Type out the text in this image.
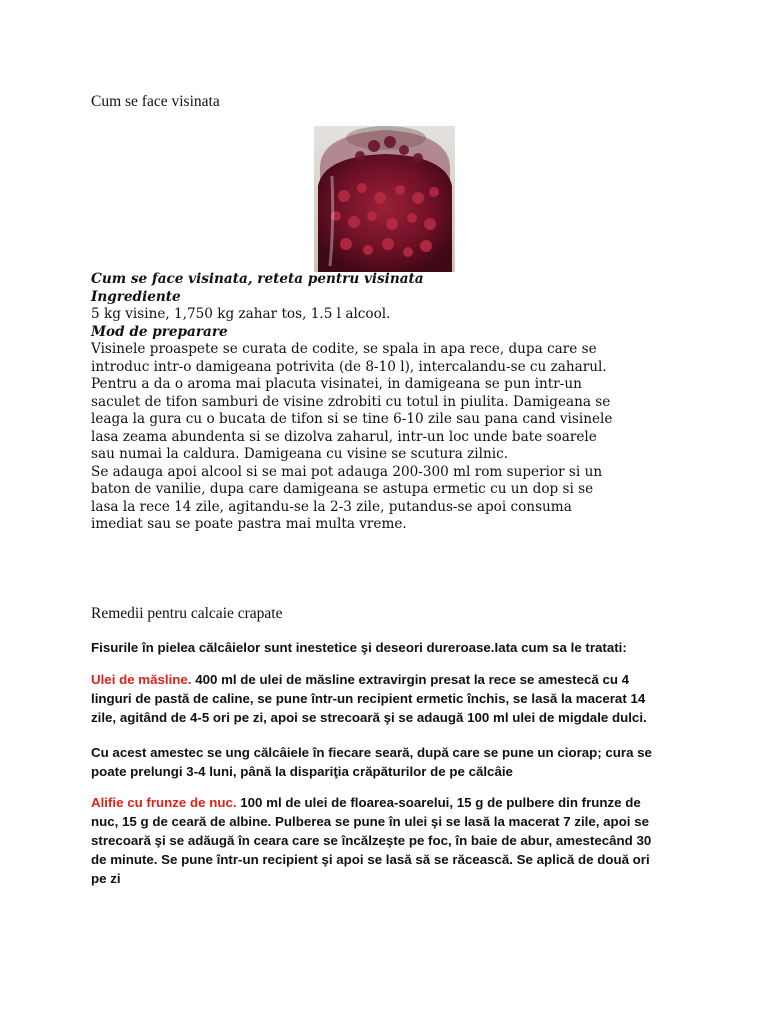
Cum se face visinata

Cum se face visinata, reteta pentru visinata

Ingrediente

5 kg visine, 1,750 kg zahar tos, 1.5 l alcool.

Mod de preparare

Visinele proaspete se curata de codite, se spala in apa rece, dupa care se

introduc intr-o damigeana potrivita (de 8-10 l), intercalandu-se cu zaharul.

Pentru a da o aroma mai placuta visinatei, in damigeana se pun intr-un

saculet de tifon samburi de visine zdrobiti cu totul in piulita. Damigeana se

leaga la gura cu o bucata de tifon si se tine 6-10 zile sau pana cand visinele

lasa zeama abundenta si se dizolva zaharul, intr-un loc unde bate soarele

sau numai la caldura. Damigeana cu visine se scutura zilnic.

Se adauga apoi alcool si se mai pot adauga 200-300 ml rom superior si un

baton de vanilie, dupa care damigeana se astupa ermetic cu un dop si se

lasa la rece 14 zile, agitandu-se la 2-3 zile, putandus-se apoi consuma

imediat sau se poate pastra mai multa vreme.

Remedii pentru calcaie crapate

Fisurile în pielea călcâielor sunt inestetice şi deseori dureroase.Iata cum sa le tratati:

Ulei de măsline. 400 ml de ulei de măsline extravirgin presat la rece se amestecă cu 4

linguri de pastă de caline, se pune într-un recipient ermetic închis, se lasă la macerat 14

zile, agitând de 4-5 ori pe zi, apoi se strecoară şi se adaugă 100 ml ulei de migdale dulci.

Cu acest amestec se ung călcâiele în fiecare seară, după care se pune un ciorap; cura se

poate prelungi 3-4 luni, până la dispariţia crăpăturilor de pe călcâie

Alifie cu frunze de nuc. 100 ml de ulei de floarea-soarelui, 15 g de pulbere din frunze de

nuc, 15 g de ceară de albine. Pulberea se pune în ulei şi se lasă la macerat 7 zile, apoi se

strecoară şi se adăugă în ceara care se încălzeşte pe foc, în baie de abur, amestecând 30

de minute. Se pune într-un recipient şi apoi se lasă să se răcească. Se aplică de două ori

pe zi
